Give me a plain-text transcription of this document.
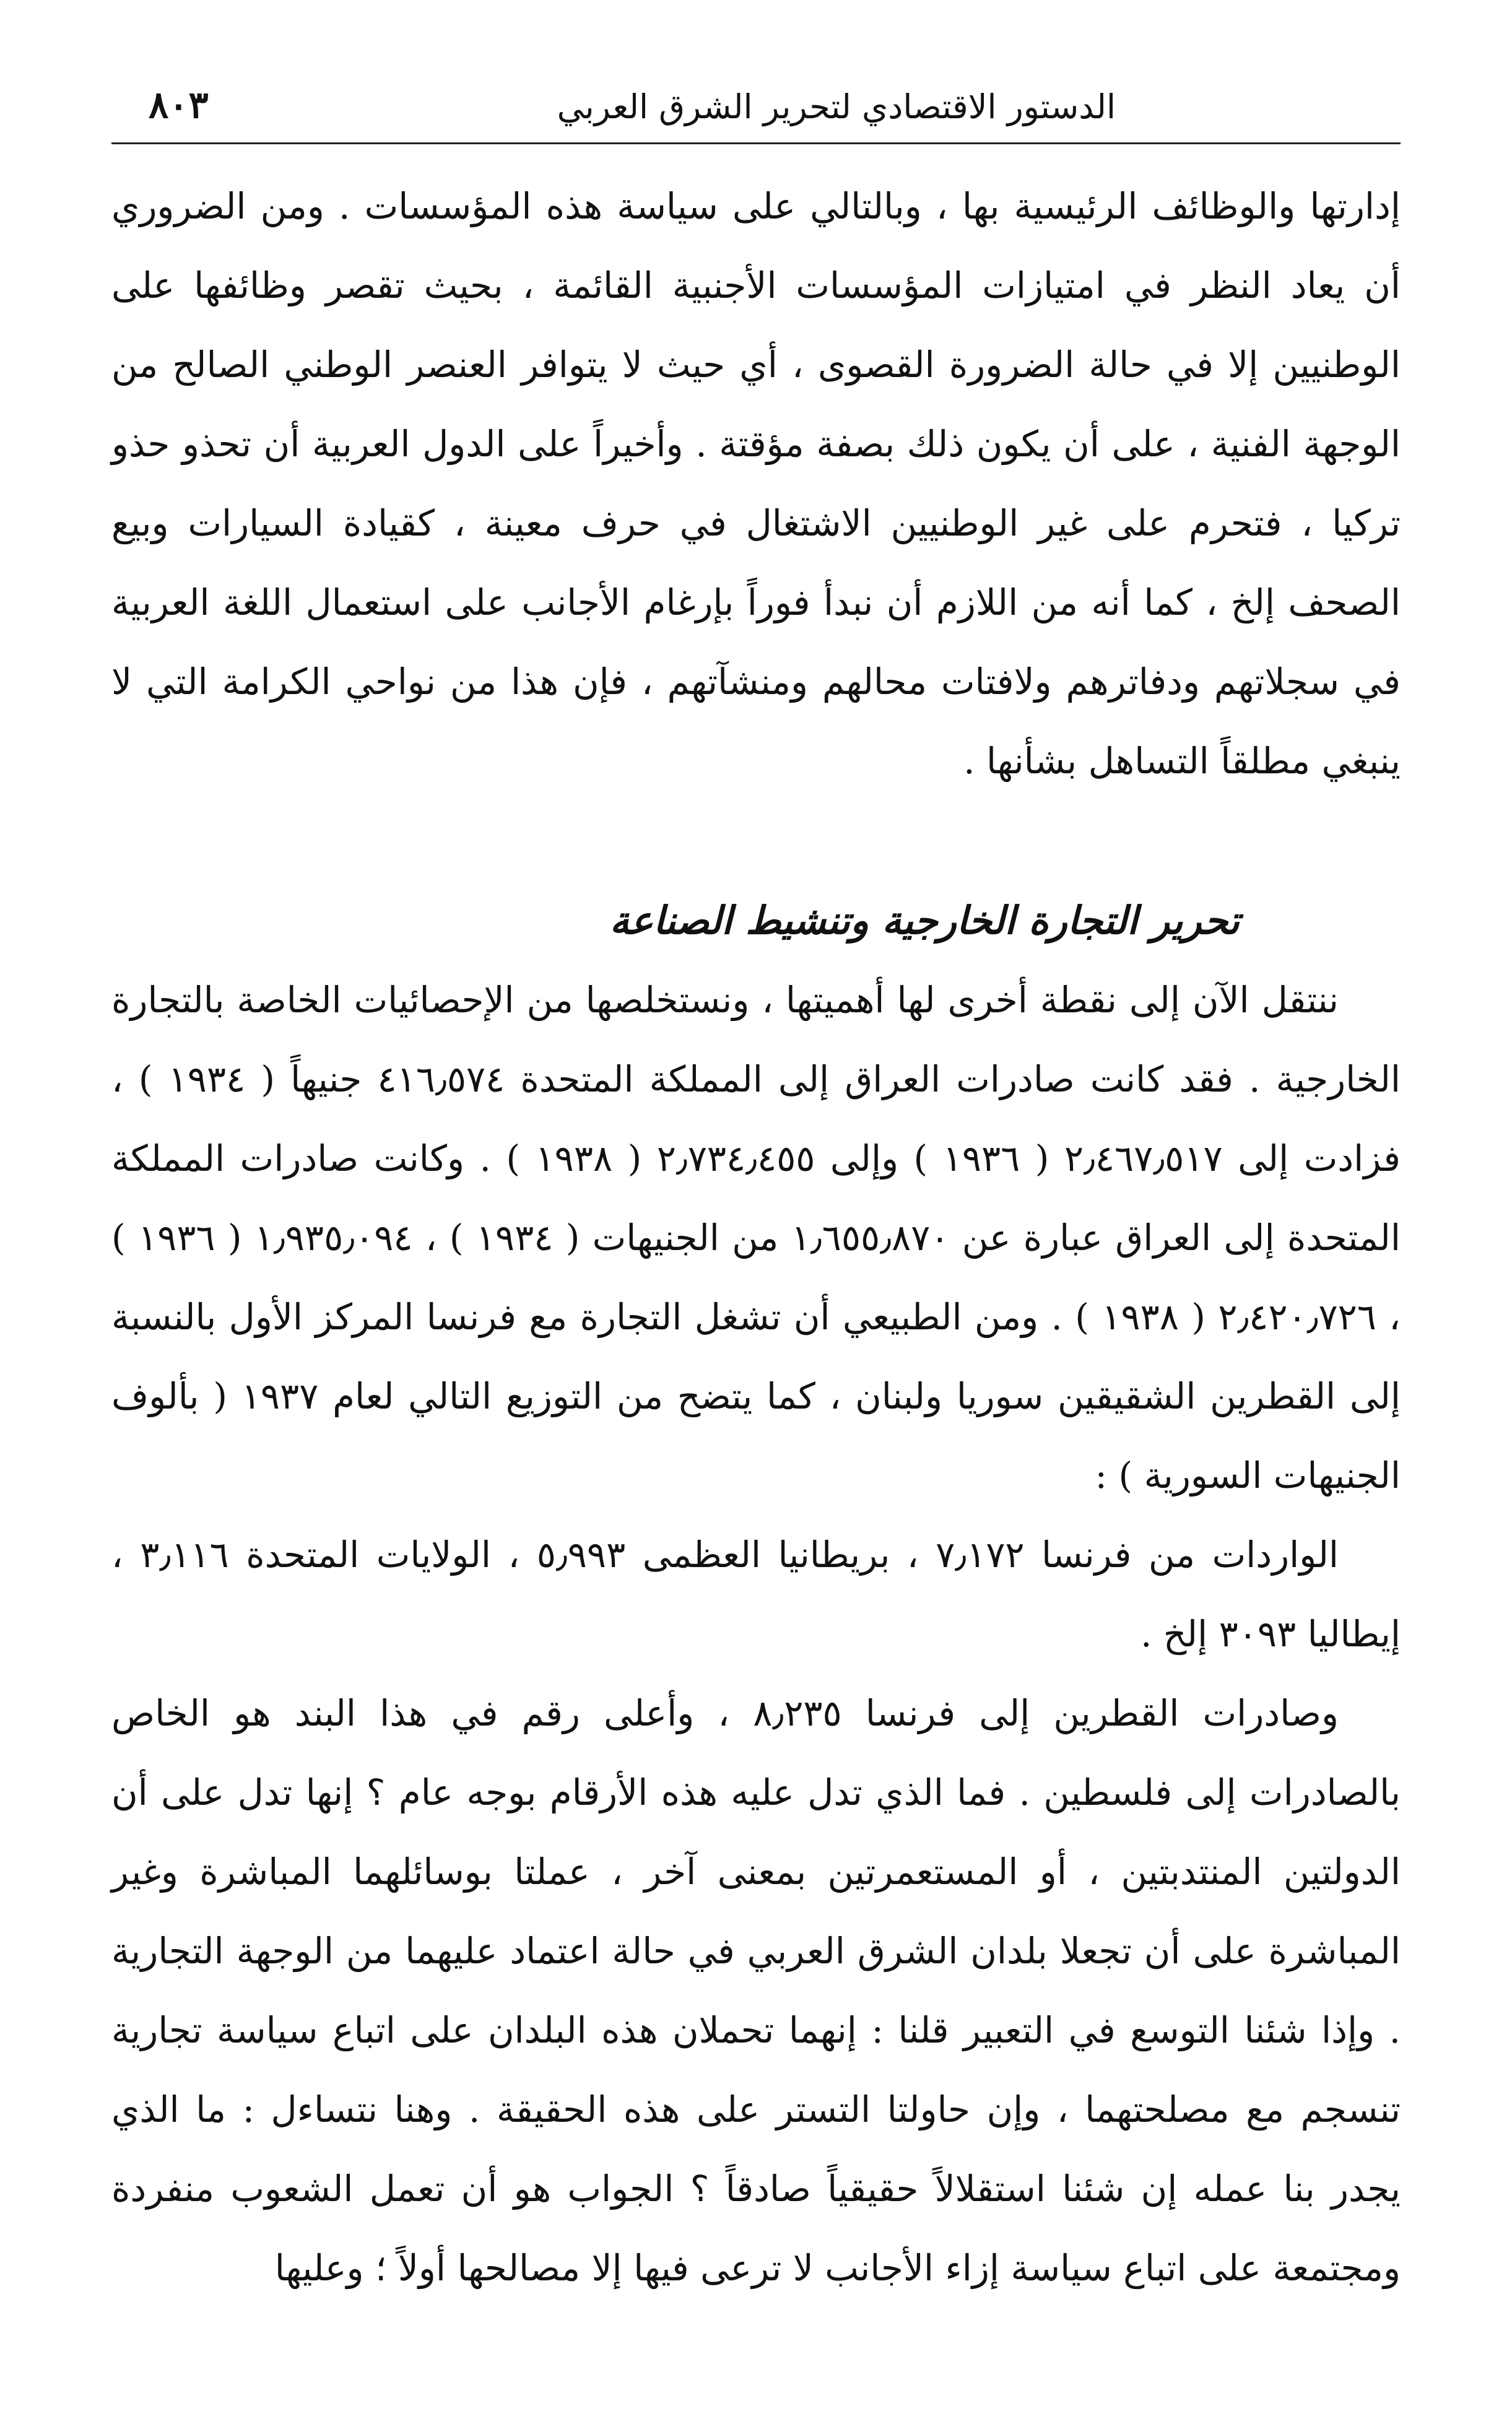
الدستور الاقتصادي لتحرير الشرق العربي
٨٠٣

إدارتها والوظائف الرئيسية بها ، وبالتالي على سياسة هذه المؤسسات . ومن الضروري أن يعاد النظر في امتيازات المؤسسات الأجنبية القائمة ، بحيث تقصر وظائفها على الوطنيين إلا في حالة الضرورة القصوى ، أي حيث لا يتوافر العنصر الوطني الصالح من الوجهة الفنية ، على أن يكون ذلك بصفة مؤقتة . وأخيراً على الدول العربية أن تحذو حذو تركيا ، فتحرم على غير الوطنيين الاشتغال في حرف معينة ، كقيادة السيارات وبيع الصحف إلخ ، كما أنه من اللازم أن نبدأ فوراً بإرغام الأجانب على استعمال اللغة العربية في سجلاتهم ودفاترهم ولافتات محالهم ومنشآتهم ، فإن هذا من نواحي الكرامة التي لا ينبغي مطلقاً التساهل بشأنها .

تحرير التجارة الخارجية وتنشيط الصناعة

ننتقل الآن إلى نقطة أخرى لها أهميتها ، ونستخلصها من الإحصائيات الخاصة بالتجارة الخارجية . فقد كانت صادرات العراق إلى المملكة المتحدة ٤١٦٫٥٧٤ جنيهاً ( ١٩٣٤ ) ، فزادت إلى ٢٫٤٦٧٫٥١٧ ( ١٩٣٦ ) وإلى ٢٫٧٣٤٫٤٥٥ ( ١٩٣٨ ) . وكانت صادرات المملكة المتحدة إلى العراق عبارة عن ١٫٦٥٥٫٨٧٠ من الجنيهات ( ١٩٣٤ ) ، ١٫٩٣٥٫٠٩٤ ( ١٩٣٦ ) ، ٢٫٤٢٠٫٧٢٦ ( ١٩٣٨ ) . ومن الطبيعي أن تشغل التجارة مع فرنسا المركز الأول بالنسبة إلى القطرين الشقيقين سوريا ولبنان ، كما يتضح من التوزيع التالي لعام ١٩٣٧ ( بألوف الجنيهات السورية ) :

الواردات من فرنسا ٧٫١٧٢ ، بريطانيا العظمى ٥٫٩٩٣ ، الولايات المتحدة ٣٫١١٦ ، إيطاليا ٣٠٩٣ إلخ .

وصادرات القطرين إلى فرنسا ٨٫٢٣٥ ، وأعلى رقم في هذا البند هو الخاص بالصادرات إلى فلسطين . فما الذي تدل عليه هذه الأرقام بوجه عام ؟ إنها تدل على أن الدولتين المنتدبتين ، أو المستعمرتين بمعنى آخر ، عملتا بوسائلهما المباشرة وغير المباشرة على أن تجعلا بلدان الشرق العربي في حالة اعتماد عليهما من الوجهة التجارية . وإذا شئنا التوسع في التعبير قلنا : إنهما تحملان هذه البلدان على اتباع سياسة تجارية تنسجم مع مصلحتهما ، وإن حاولتا التستر على هذه الحقيقة . وهنا نتساءل : ما الذي يجدر بنا عمله إن شئنا استقلالاً حقيقياً صادقاً ؟ الجواب هو أن تعمل الشعوب منفردة ومجتمعة على اتباع سياسة إزاء الأجانب لا ترعى فيها إلا مصالحها أولاً ؛ وعليها
